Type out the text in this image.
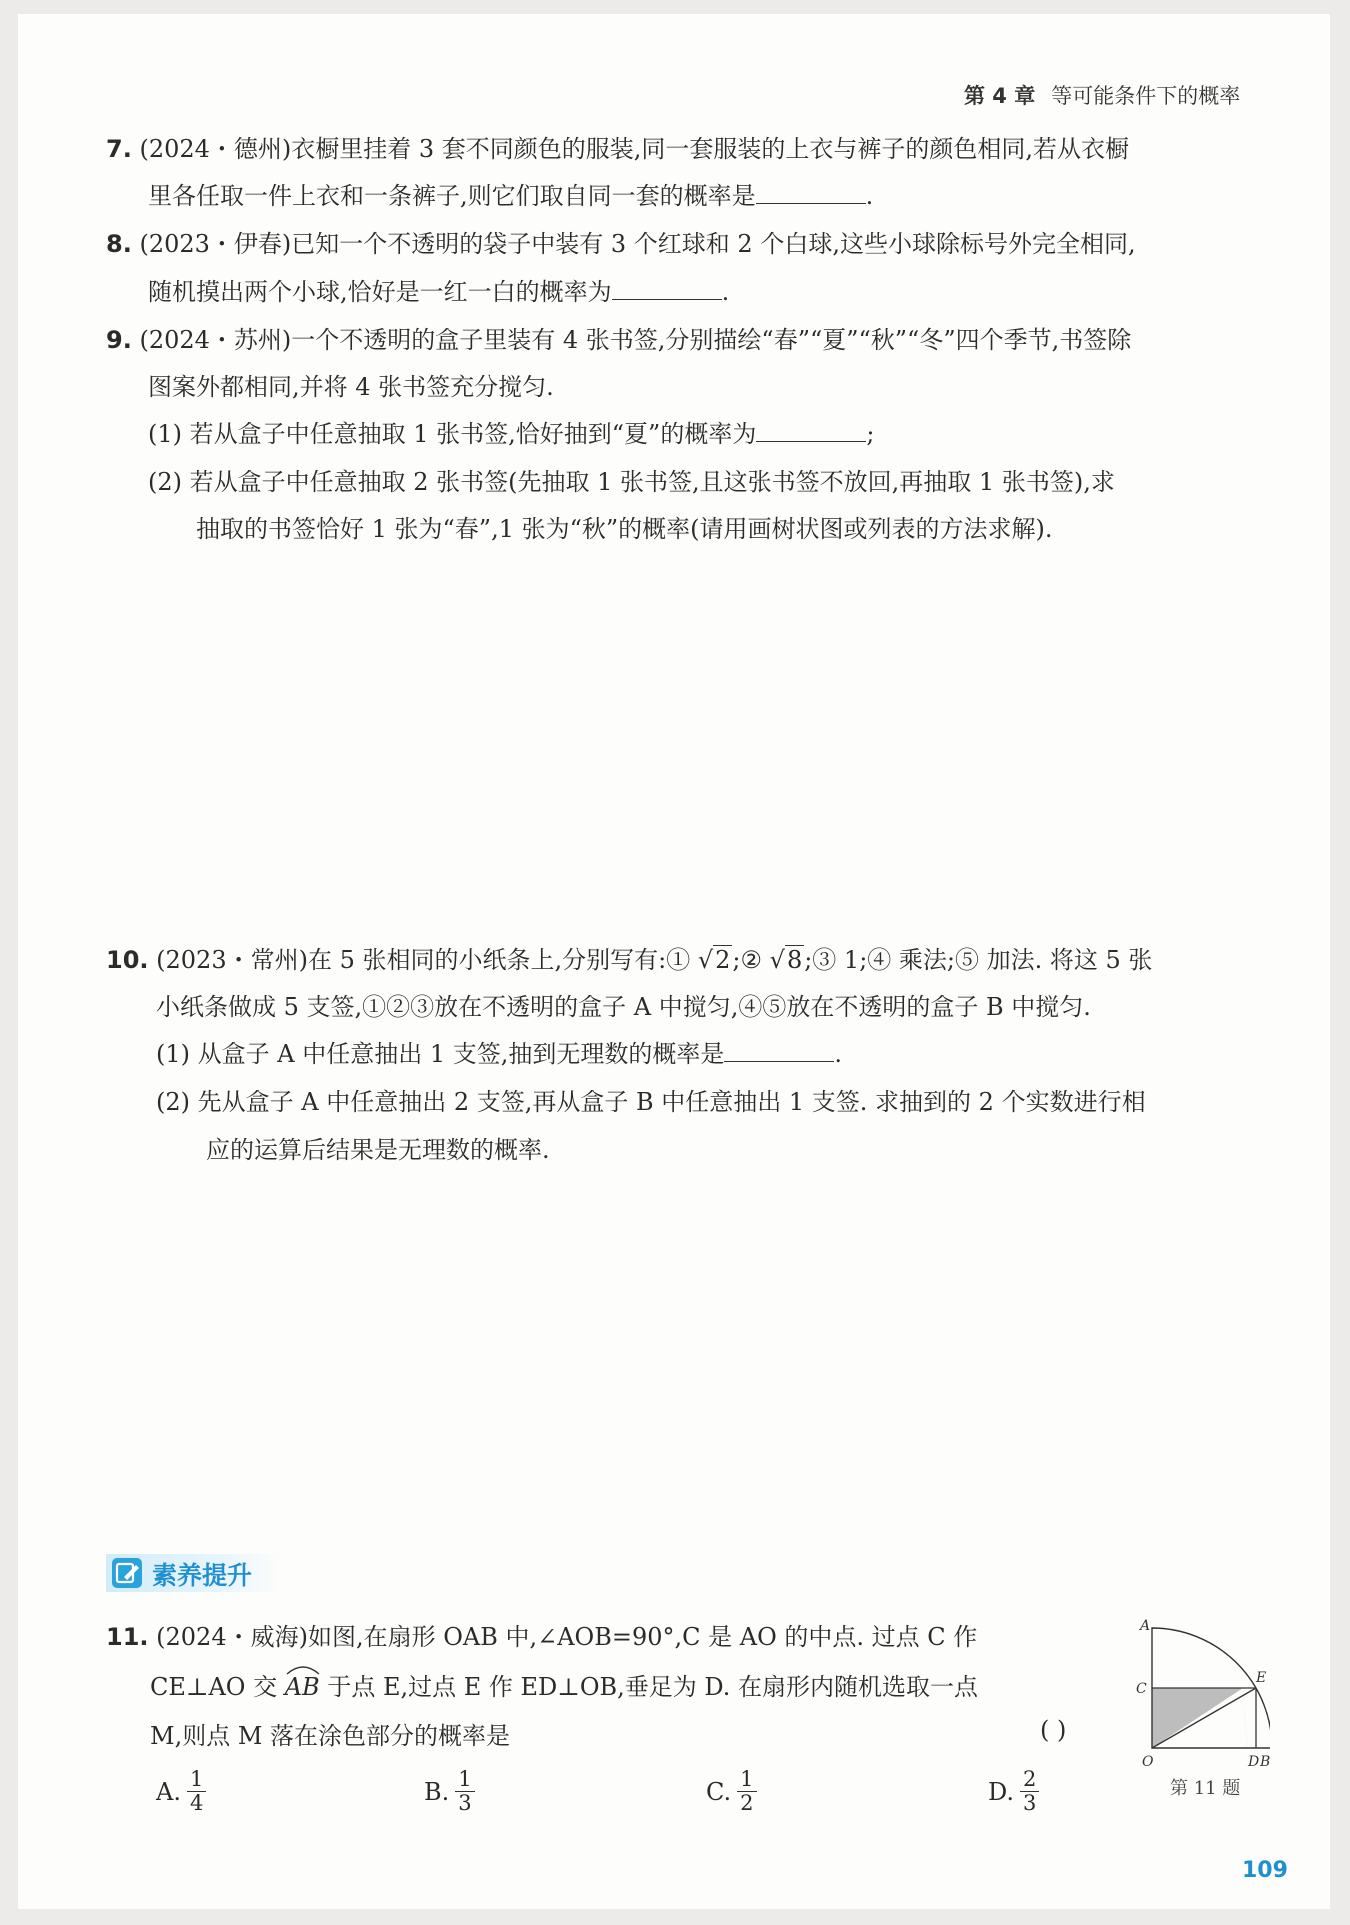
第 4 章 等可能条件下的概率
7. (2024・德州)衣橱里挂着 3 套不同颜色的服装,同一套服装的上衣与裤子的颜色相同,若从衣橱
里各任取一件上衣和一条裤子,则它们取自同一套的概率是	.
8. (2023・伊春)已知一个不透明的袋子中装有 3 个红球和 2 个白球,这些小球除标号外完全相同,
随机摸出两个小球,恰好是一红一白的概率为	.
9. (2024・苏州)一个不透明的盒子里装有 4 张书签,分别描绘“春”“夏”“秋”“冬”四个季节,书签除
图案外都相同,并将 4 张书签充分搅匀.
(1) 若从盒子中任意抽取 1 张书签,恰好抽到“夏”的概率为	;
(2) 若从盒子中任意抽取 2 张书签(先抽取 1 张书签,且这张书签不放回,再抽取 1 张书签),求
抽取的书签恰好 1 张为“春”,1 张为“秋”的概率(请用画树状图或列表的方法求解).
10. (2023・常州)在 5 张相同的小纸条上,分别写有:① √2;② √8;③ 1;④ 乘法;⑤ 加法. 将这 5 张
小纸条做成 5 支签,①②③放在不透明的盒子 A 中搅匀,④⑤放在不透明的盒子 B 中搅匀.
(1) 从盒子 A 中任意抽出 1 支签,抽到无理数的概率是	.
(2) 先从盒子 A 中任意抽出 2 支签,再从盒子 B 中任意抽出 1 支签. 求抽到的 2 个实数进行相
应的运算后结果是无理数的概率.
素养提升
11. (2024・威海)如图,在扇形 OAB 中,∠AOB=90°,C 是 AO 的中点. 过点 C 作
CE⊥AO 交
AB 于点 E,过点 E 作 ED⊥OB,垂足为 D. 在扇形内随机选取一点
M,则点 M 落在涂色部分的概率是	( )
A. $\frac{1}{4}$	B. $\frac{1}{3}$	C. $\frac{1}{2}$	D. $\frac{2}{3}$
A
C
E
O	D B
第 11 题
109
